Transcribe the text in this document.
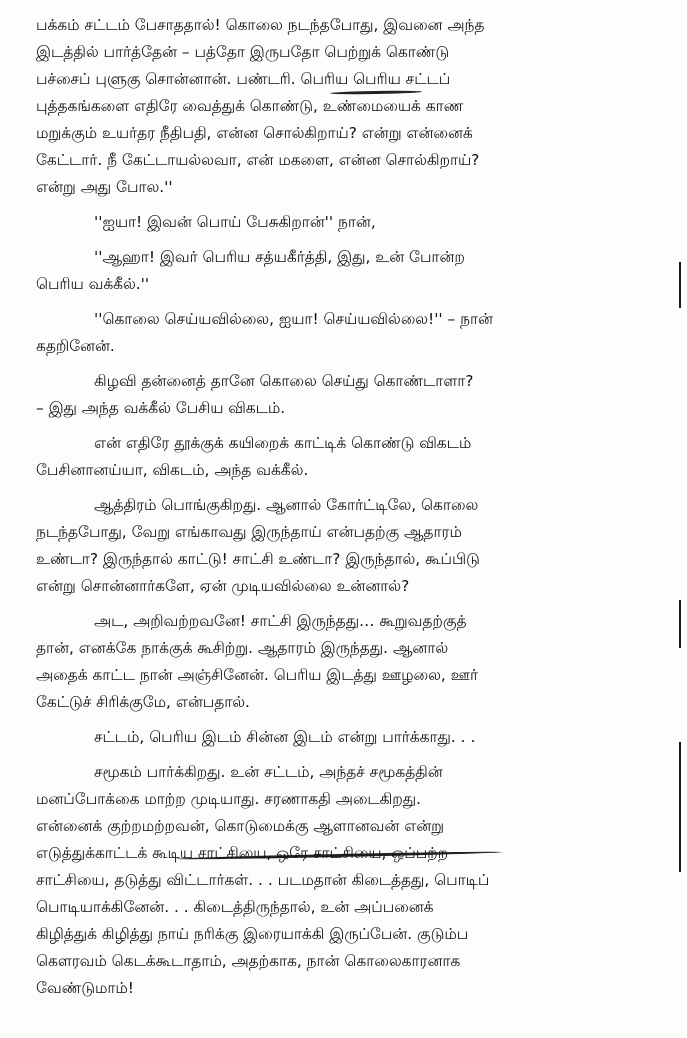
பக்கம் சட்டம் பேசாததால்! கொலை நடந்தபோது, இவனை அந்த
இடத்தில் பார்த்தேன் – பத்தோ இருபதோ பெற்றுக் கொண்டு
பச்சைப் புளுகு சொன்னான். பண்டரி. பெரிய பெரிய சட்டப்
புத்தகங்களை எதிரே வைத்துக் கொண்டு, உண்மையைக் காண
மறுக்கும் உயர்தர நீதிபதி, என்ன சொல்கிறாய்? என்று என்னைக்
கேட்டார். நீ கேட்டாயல்லவா, என் மகளை, என்ன சொல்கிறாய்?
என்று அது போல.''

''ஐயா! இவன் பொய் பேசுகிறான்'' நான்,

''ஆஹா! இவர் பெரிய சத்யகீர்த்தி, இது, உன் போன்ற
பெரிய வக்கீல்.''

''கொலை செய்யவில்லை, ஐயா! செய்யவில்லை!'' – நான்
கதறினேன்.

கிழவி தன்னைத் தானே கொலை செய்து கொண்டாளா?
– இது அந்த வக்கீல் பேசிய விகடம்.

என் எதிரே தூக்குக் கயிறைக் காட்டிக் கொண்டு விகடம்
பேசினானய்யா, விகடம், அந்த வக்கீல்.

ஆத்திரம் பொங்குகிறது. ஆனால் கோர்ட்டிலே, கொலை
நடந்தபோது, வேறு எங்காவது இருந்தாய் என்பதற்கு ஆதாரம்
உண்டா? இருந்தால் காட்டு! சாட்சி உண்டா? இருந்தால், கூப்பிடு
என்று சொன்னார்களே, ஏன் முடியவில்லை உன்னால்?

அட, அறிவற்றவனே! சாட்சி இருந்தது… கூறுவதற்குத்
தான், எனக்கே நாக்குக் கூசிற்று. ஆதாரம் இருந்தது. ஆனால்
அதைக் காட்ட நான் அஞ்சினேன். பெரிய இடத்து ஊழலை, ஊர்
கேட்டுச் சிரிக்குமே, என்பதால்.

சட்டம், பெரிய இடம் சின்ன இடம் என்று பார்க்காது. . .

சமூகம் பார்க்கிறது. உன் சட்டம், அந்தச் சமூகத்தின்
மனப்போக்கை மாற்ற முடியாது. சரணாகதி அடைகிறது.
என்னைக் குற்றமற்றவன், கொடுமைக்கு ஆளானவன் என்று
எடுத்துக்காட்டக் கூடிய சாட்சியை, ஒரே சாட்சியை, ஒப்பற்ற
சாட்சியை, தடுத்து விட்டார்கள். . . படமதான் கிடைத்தது, பொடிப்
பொடியாக்கினேன். . . கிடைத்திருந்தால், உன் அப்பனைக்
கிழித்துக் கிழித்து நாய் நரிக்கு இரையாக்கி இருப்பேன். குடும்ப
கௌரவம் கெடக்கூடாதாம், அதற்காக, நான் கொலைகாரனாக
வேண்டுமாம்!
